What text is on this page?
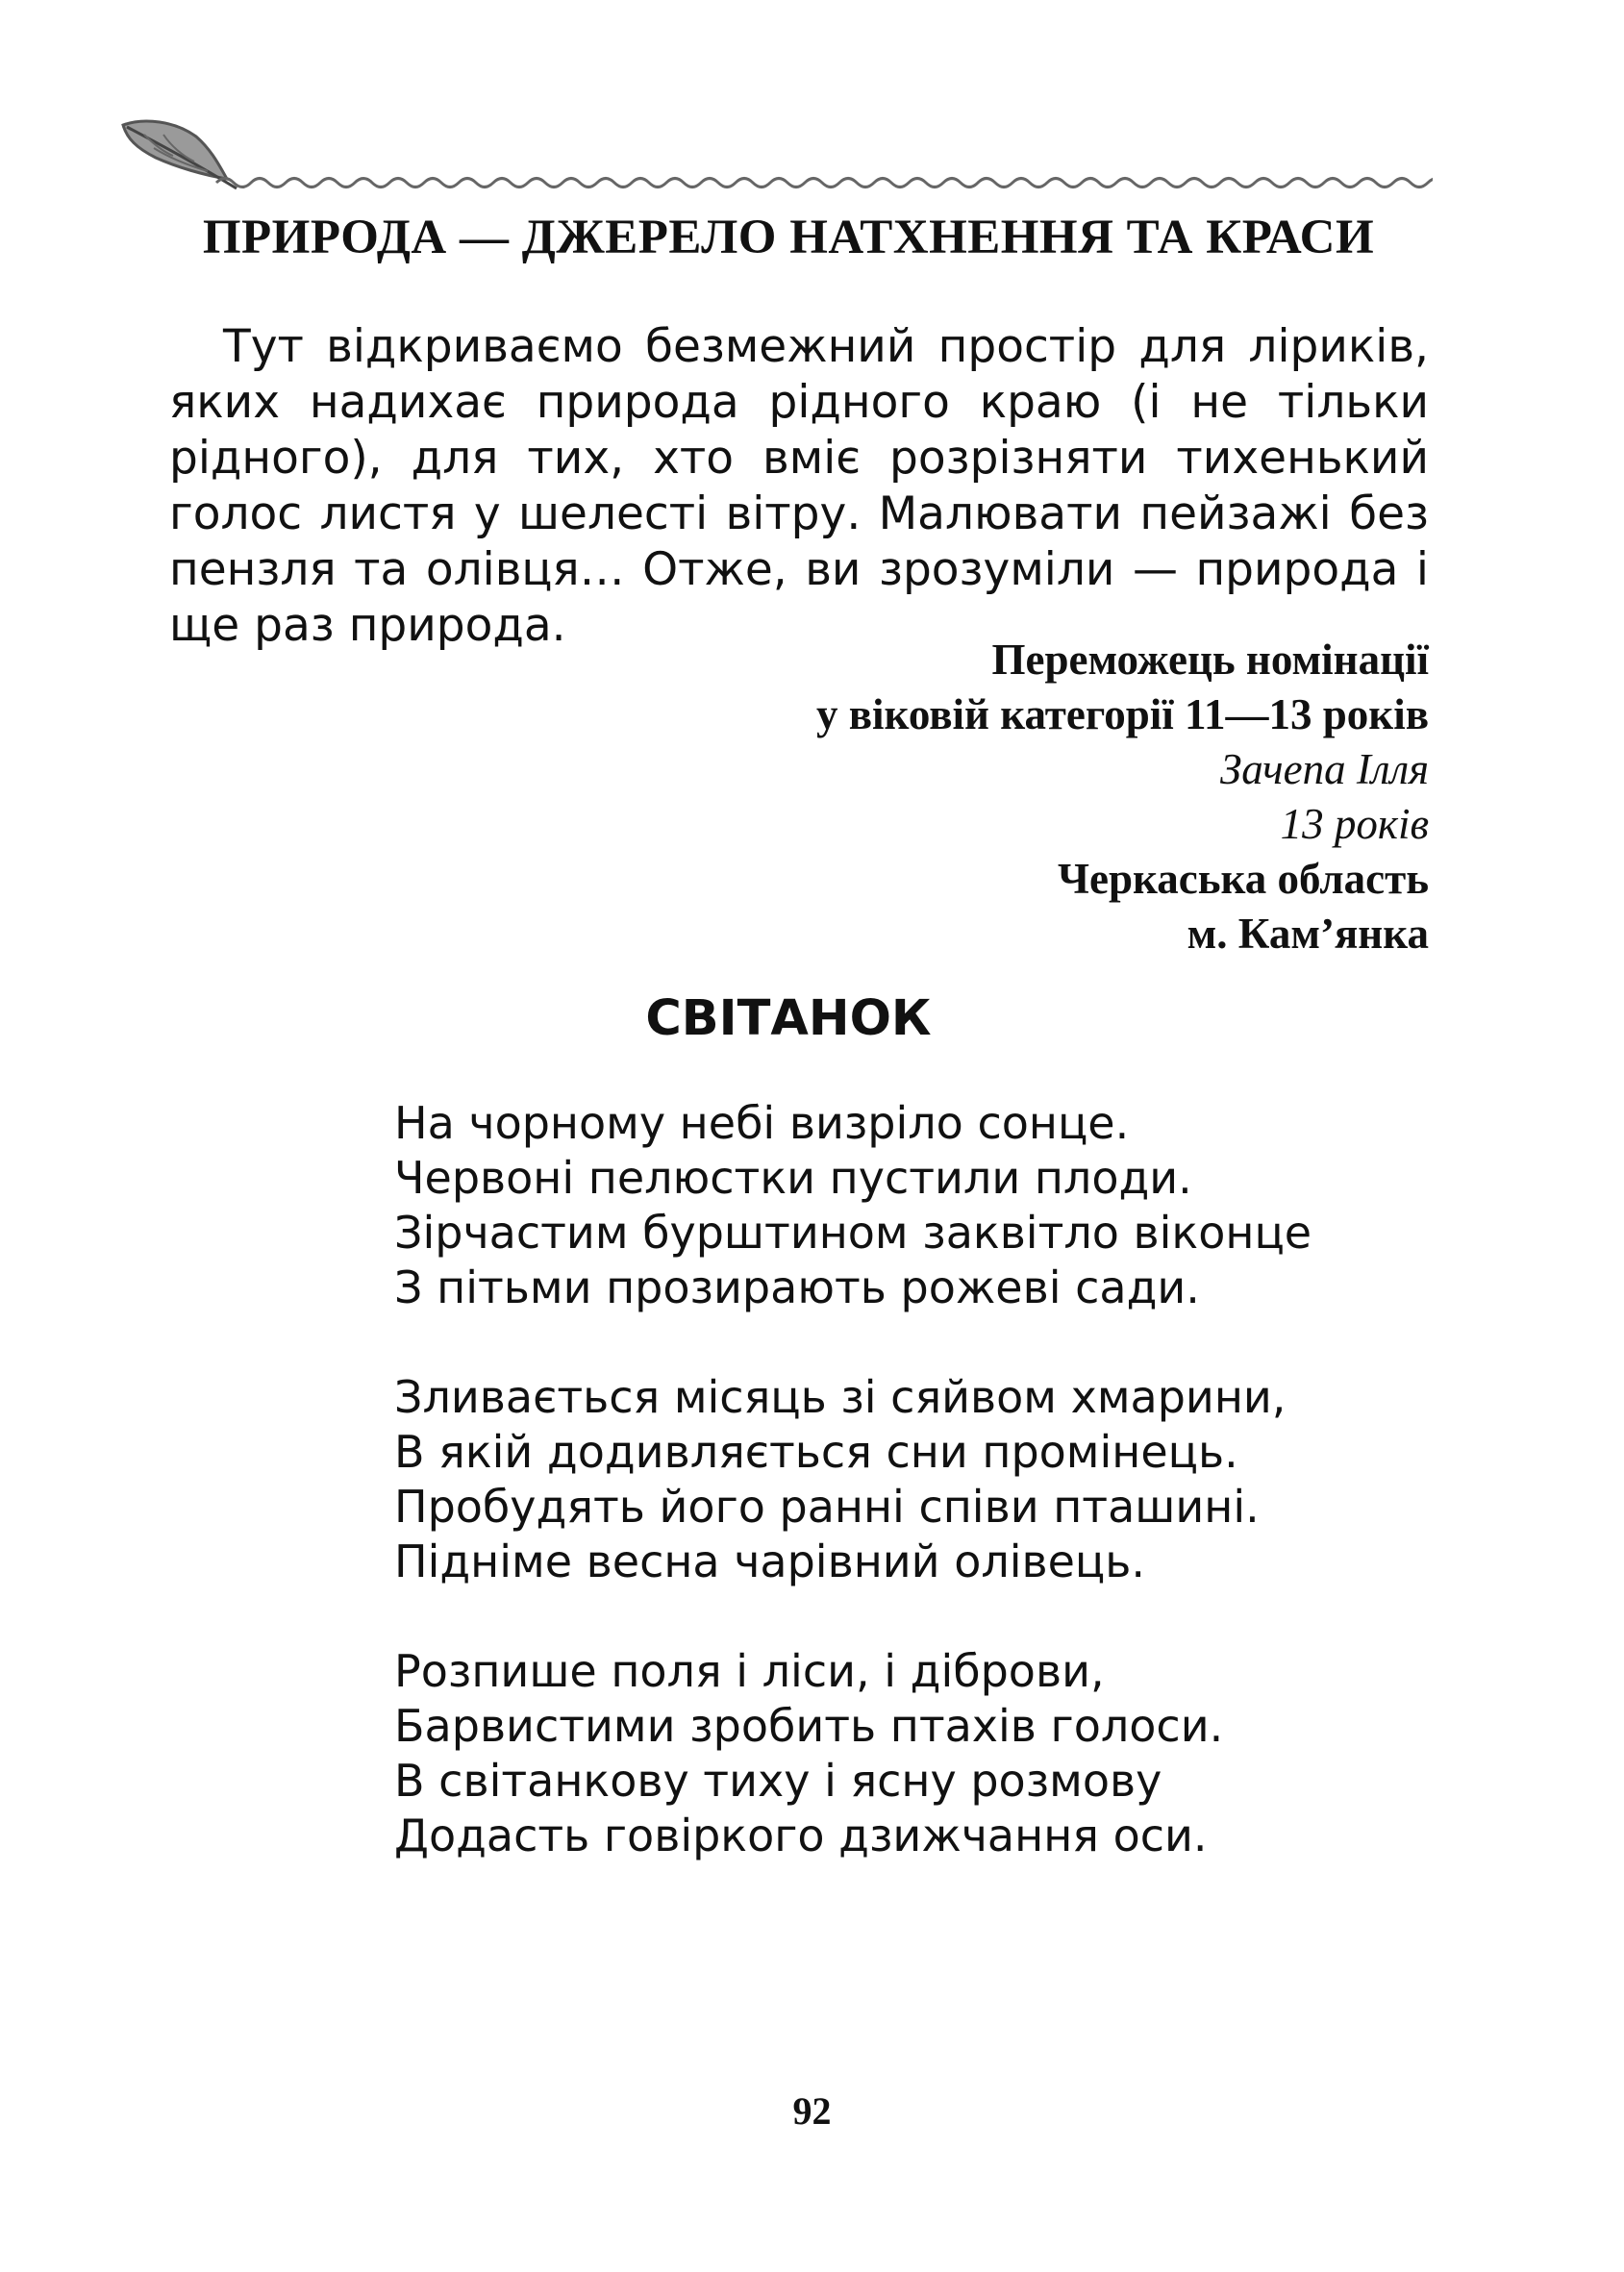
ПРИРОДА — ДЖЕРЕЛО НАТХНЕННЯ ТА КРАСИ

Тут відкриваємо безмежний простір для ліриків, яких надихає природа рідного краю (і не тільки рідного), для тих, хто вміє розрізняти тихенький голос листя у шелесті вітру. Малювати пейзажі без пензля та олівця… Отже, ви зрозуміли — природа і ще раз природа.

Переможець номінації
у віковій категорії 11—13 років
Зачепа Ілля
13 років
Черкаська область
м. Кам’янка
СВІТАНОК
На чорному небі визріло сонце.
Червоні пелюстки пустили плоди.
Зірчастим бурштином заквітло віконце
З пітьми прозирають рожеві сади.
Зливається місяць зі сяйвом хмарини,
В якій додивляється сни промінець.
Пробудять його ранні співи пташині.
Підніме весна чарівний олівець.
Розпише поля і ліси, і діброви,
Барвистими зробить птахів голоси.
В світанкову тиху і ясну розмову
Додасть говіркого дзижчання оси.
92
